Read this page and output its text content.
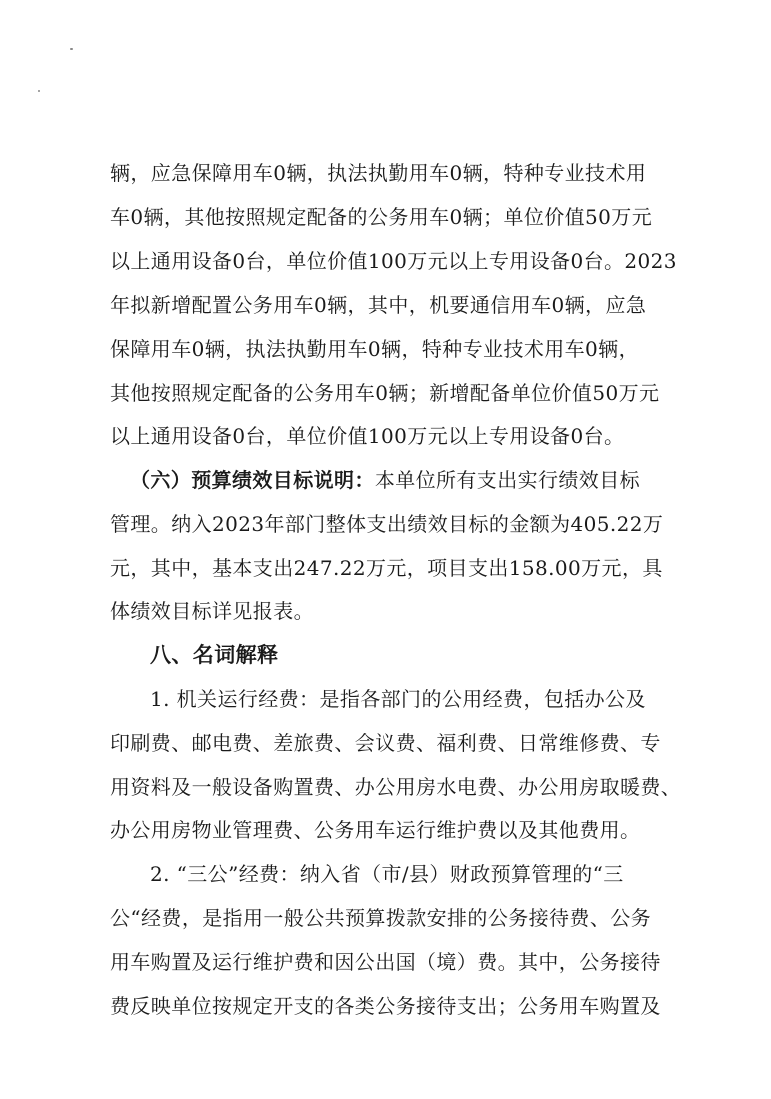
辆，应急保障用车0辆，执法执勤用车0辆，特种专业技术用
车0辆，其他按照规定配备的公务用车0辆；单位价值50万元
以上通用设备0台，单位价值100万元以上专用设备0台。2023
年拟新增配置公务用车0辆，其中，机要通信用车0辆，应急
保障用车0辆，执法执勤用车0辆，特种专业技术用车0辆，
其他按照规定配备的公务用车0辆；新增配备单位价值50万元
以上通用设备0台，单位价值100万元以上专用设备0台。
（六）预算绩效目标说明：本单位所有支出实行绩效目标
管理。纳入2023年部门整体支出绩效目标的金额为405.22万
元，其中，基本支出247.22万元，项目支出158.00万元，具
体绩效目标详见报表。
八、名词解释
1. 机关运行经费：是指各部门的公用经费，包括办公及
印刷费、邮电费、差旅费、会议费、福利费、日常维修费、专
用资料及一般设备购置费、办公用房水电费、办公用房取暖费、
办公用房物业管理费、公务用车运行维护费以及其他费用。
2. “三公”经费：纳入省（市/县）财政预算管理的“三
公“经费，是指用一般公共预算拨款安排的公务接待费、公务
用车购置及运行维护费和因公出国（境）费。其中，公务接待
费反映单位按规定开支的各类公务接待支出；公务用车购置及
